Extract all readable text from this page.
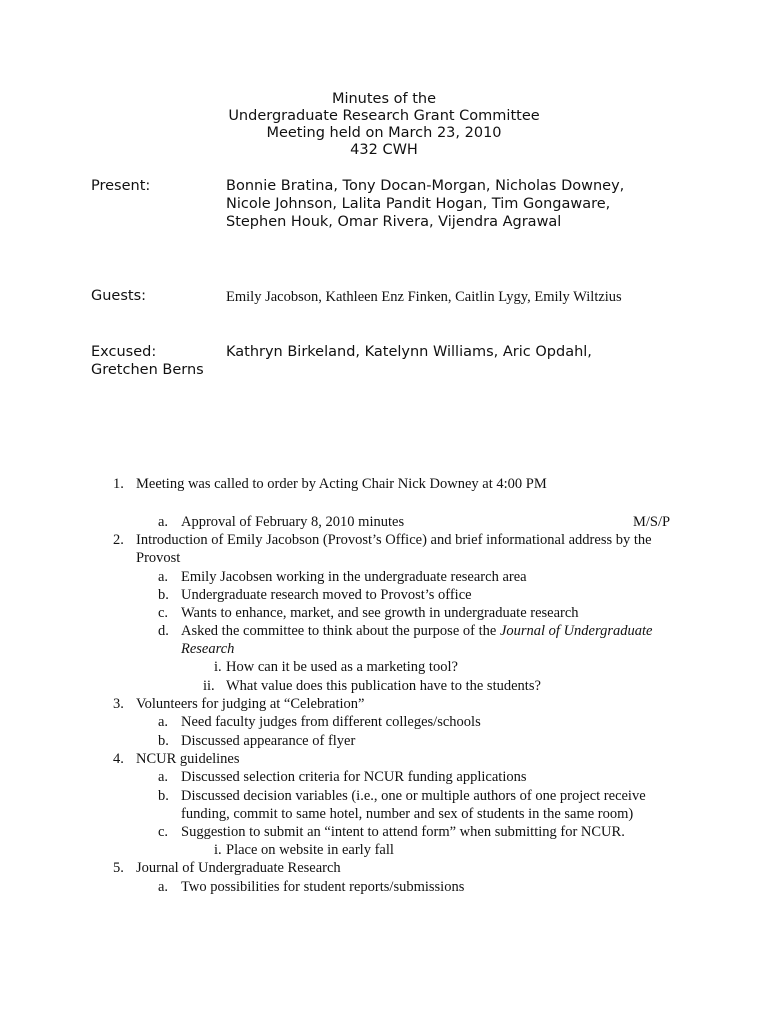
Minutes of the
Undergraduate Research Grant Committee
Meeting held on March 23, 2010
432 CWH
Present:	Bonnie Bratina, Tony Docan-Morgan, Nicholas Downey,
Nicole Johnson, Lalita Pandit Hogan, Tim Gongaware,
Stephen Houk, Omar Rivera, Vijendra Agrawal
Guests:	Emily Jacobson, Kathleen Enz Finken, Caitlin Lygy, Emily Wiltzius
Excused:	Kathryn Birkeland, Katelynn Williams, Aric Opdahl,
Gretchen Berns
1. Meeting was called to order by Acting Chair Nick Downey at 4:00 PM
a. Approval of February 8, 2010 minutes	M/S/P
2. Introduction of Emily Jacobson (Provost’s Office) and brief informational address by the
Provost
a. Emily Jacobsen working in the undergraduate research area
b. Undergraduate research moved to Provost’s office
c. Wants to enhance, market, and see growth in undergraduate research
d. Asked the committee to think about the purpose of the Journal of Undergraduate
Research
i. How can it be used as a marketing tool?
ii. What value does this publication have to the students?
3. Volunteers for judging at “Celebration”
a. Need faculty judges from different colleges/schools
b. Discussed appearance of flyer
4. NCUR guidelines
a. Discussed selection criteria for NCUR funding applications
b. Discussed decision variables (i.e., one or multiple authors of one project receive
funding, commit to same hotel, number and sex of students in the same room)
c. Suggestion to submit an “intent to attend form” when submitting for NCUR.
i. Place on website in early fall
5. Journal of Undergraduate Research
a. Two possibilities for student reports/submissions
